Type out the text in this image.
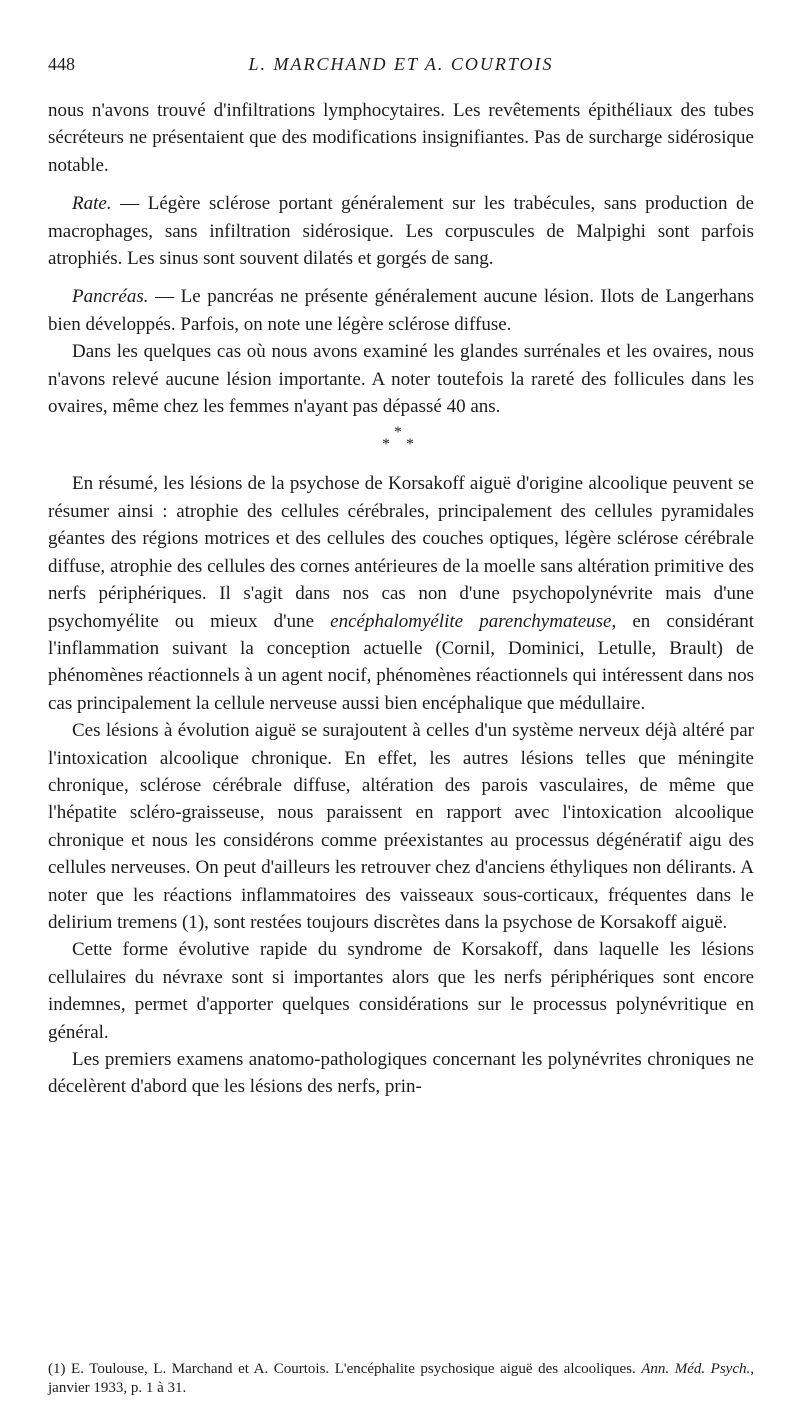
448	L. MARCHAND ET A. COURTOIS

nous n'avons trouvé d'infiltrations lymphocytaires. Les revêtements épithéliaux des tubes sécréteurs ne présentaient que des modifications insignifiantes. Pas de surcharge sidérosique notable.

Rate. — Légère sclérose portant généralement sur les trabécules, sans production de macrophages, sans infiltration sidérosique. Les corpuscules de Malpighi sont parfois atrophiés. Les sinus sont souvent dilatés et gorgés de sang.

Pancréas. — Le pancréas ne présente généralement aucune lésion. Ilots de Langerhans bien développés. Parfois, on note une légère sclérose diffuse.

Dans les quelques cas où nous avons examiné les glandes surrénales et les ovaires, nous n'avons relevé aucune lésion importante. A noter toutefois la rareté des follicules dans les ovaires, même chez les femmes n'ayant pas dépassé 40 ans.

*
* *

En résumé, les lésions de la psychose de Korsakoff aiguë d'origine alcoolique peuvent se résumer ainsi : atrophie des cellules cérébrales, principalement des cellules pyramidales géantes des régions motrices et des cellules des couches optiques, légère sclérose cérébrale diffuse, atrophie des cellules des cornes antérieures de la moelle sans altération primitive des nerfs périphériques. Il s'agit dans nos cas non d'une psychopolynévrite mais d'une psychomyélite ou mieux d'une encéphalomyélite parenchymateuse, en considérant l'inflammation suivant la conception actuelle (Cornil, Dominici, Letulle, Brault) de phénomènes réactionnels à un agent nocif, phénomènes réactionnels qui intéressent dans nos cas principalement la cellule nerveuse aussi bien encéphalique que médullaire.

Ces lésions à évolution aiguë se surajoutent à celles d'un système nerveux déjà altéré par l'intoxication alcoolique chronique. En effet, les autres lésions telles que méningite chronique, sclérose cérébrale diffuse, altération des parois vasculaires, de même que l'hépatite scléro-graisseuse, nous paraissent en rapport avec l'intoxication alcoolique chronique et nous les considérons comme préexistantes au processus dégénératif aigu des cellules nerveuses. On peut d'ailleurs les retrouver chez d'anciens éthyliques non délirants. A noter que les réactions inflammatoires des vaisseaux sous-corticaux, fréquentes dans le delirium tremens (1), sont restées toujours discrètes dans la psychose de Korsakoff aiguë.

Cette forme évolutive rapide du syndrome de Korsakoff, dans laquelle les lésions cellulaires du névraxe sont si importantes alors que les nerfs périphériques sont encore indemnes, permet d'apporter quelques considérations sur le processus polynévritique en général.

Les premiers examens anatomo-pathologiques concernant les polynévrites chroniques ne décelèrent d'abord que les lésions des nerfs, prin-

(1) E. Toulouse, L. Marchand et A. Courtois. L'encéphalite psychosique aiguë des alcooliques. Ann. Méd. Psych., janvier 1933, p. 1 à 31.
